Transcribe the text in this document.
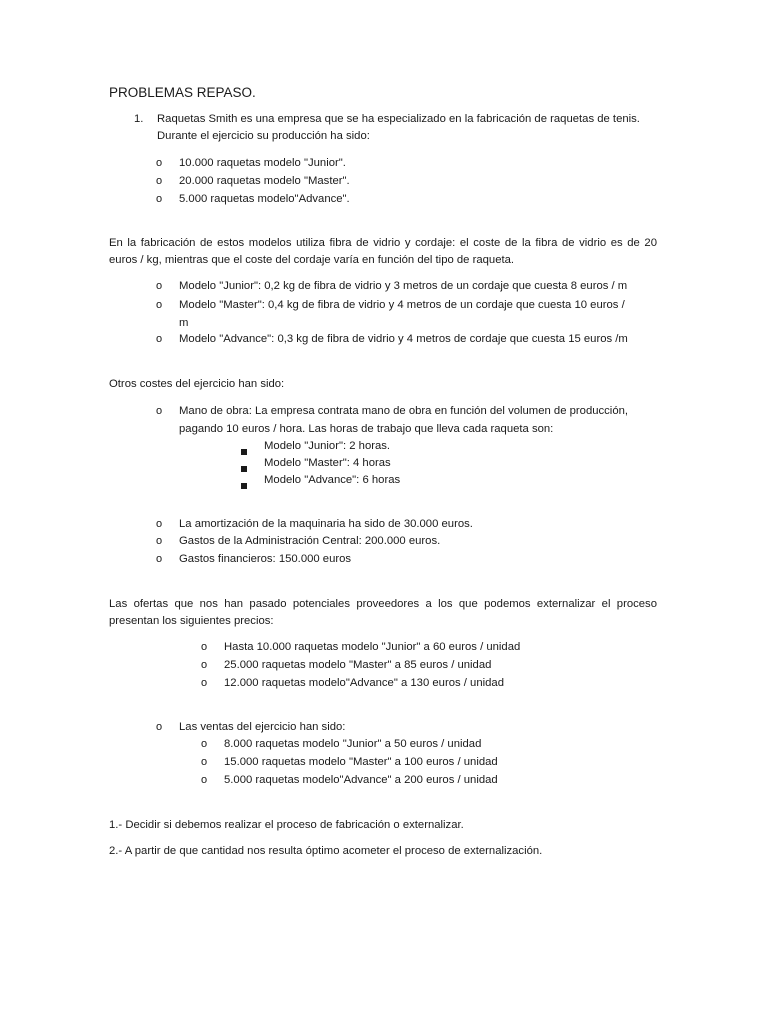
PROBLEMAS REPASO.
1. Raquetas Smith es una empresa que se ha especializado en la fabricación de raquetas de tenis.
Durante el ejercicio su producción ha sido:
o 10.000 raquetas modelo "Junior".
o 20.000 raquetas modelo "Master".
o 5.000 raquetas modelo"Advance".
En la fabricación de estos modelos utiliza fibra de vidrio y cordaje: el coste de la fibra de vidrio es de 20
euros / kg, mientras que el coste del cordaje varía en función del tipo de raqueta.
o Modelo "Junior": 0,2 kg de fibra de vidrio y 3 metros de un cordaje que cuesta 8 euros / m
o Modelo "Master": 0,4 kg de fibra de vidrio y 4 metros de un cordaje que cuesta 10 euros /
m
o Modelo "Advance": 0,3 kg de fibra de vidrio y 4 metros de cordaje que cuesta 15 euros /m
Otros costes del ejercicio han sido:
o Mano de obra: La empresa contrata mano de obra en función del volumen de producción,
pagando 10 euros / hora. Las horas de trabajo que lleva cada raqueta son:
Modelo "Junior": 2 horas.
Modelo "Master": 4 horas
Modelo "Advance": 6 horas
o La amortización de la maquinaria ha sido de 30.000 euros.
o Gastos de la Administración Central: 200.000 euros.
o Gastos financieros: 150.000 euros
Las ofertas que nos han pasado potenciales proveedores a los que podemos externalizar el proceso
presentan los siguientes precios:
o Hasta 10.000 raquetas modelo "Junior" a 60 euros / unidad
o 25.000 raquetas modelo "Master" a 85 euros / unidad
o 12.000 raquetas modelo"Advance" a 130 euros / unidad
o Las ventas del ejercicio han sido:
o 8.000 raquetas modelo "Junior" a 50 euros / unidad
o 15.000 raquetas modelo "Master" a 100 euros / unidad
o 5.000 raquetas modelo"Advance" a 200 euros / unidad
1.- Decidir si debemos realizar el proceso de fabricación o externalizar.
2.- A partir de que cantidad nos resulta óptimo acometer el proceso de externalización.
